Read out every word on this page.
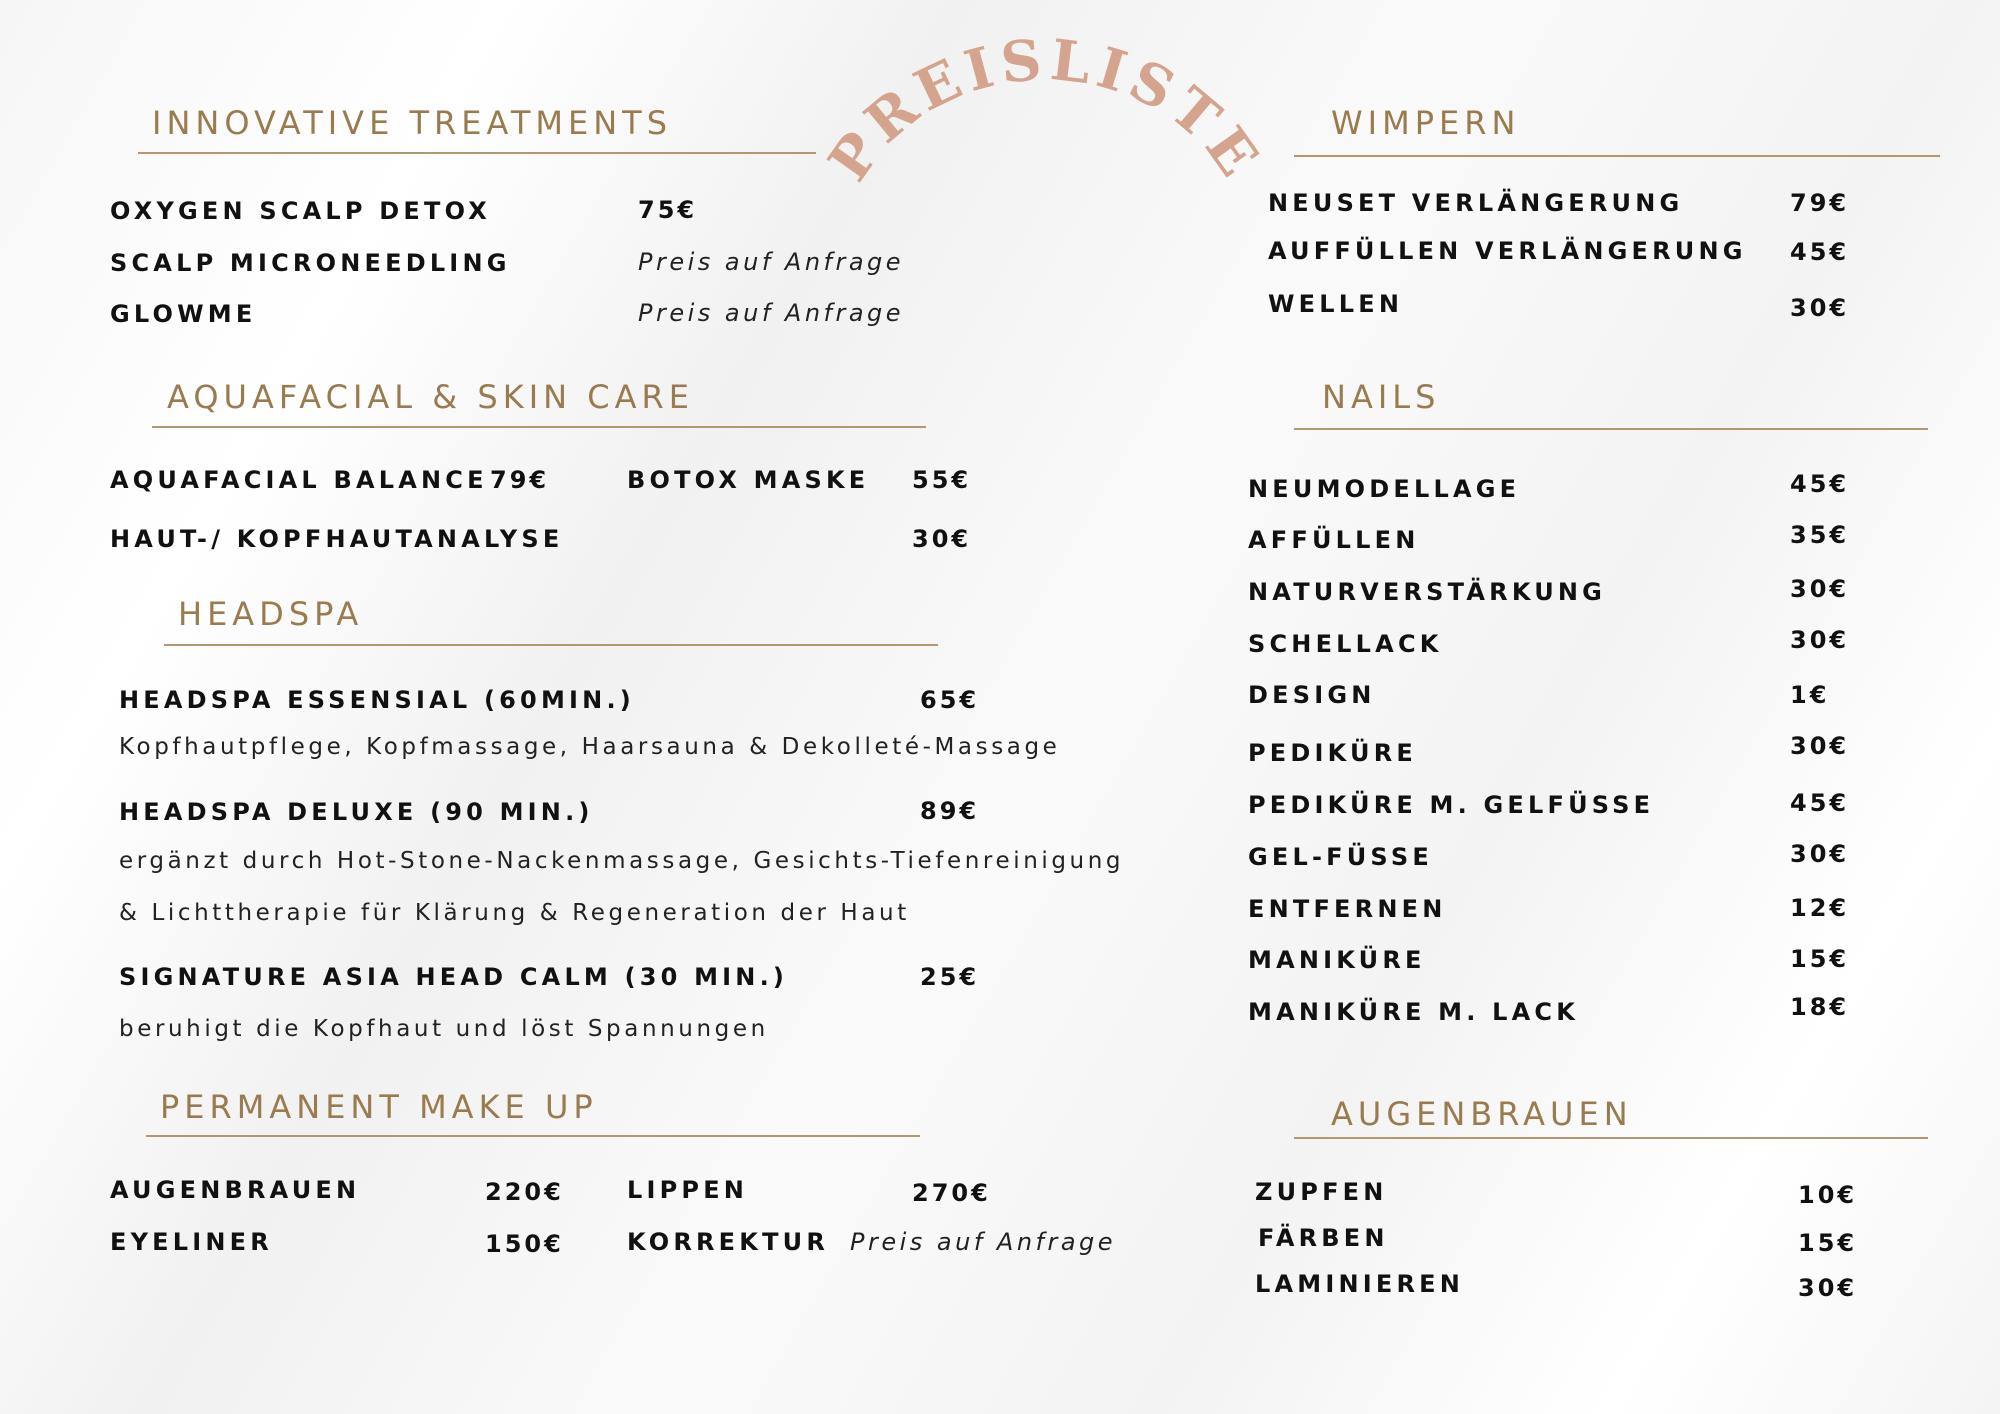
PREISLISTE
INNOVATIVE TREATMENTS
OXYGEN SCALP DETOX	75€
SCALP MICRONEEDLING	Preis auf Anfrage
GLOWME	Preis auf Anfrage
AQUAFACIAL & SKIN CARE
AQUAFACIAL BALANCE 79€	BOTOX MASKE 55€
HAUT-/ KOPFHAUTANALYSE	30€
HEADSPA
HEADSPA ESSENSIAL (60MIN.)	65€
Kopfhautpflege, Kopfmassage, Haarsauna & Dekolleté-Massage
HEADSPA DELUXE (90 MIN.)	89€
ergänzt durch Hot-Stone-Nackenmassage, Gesichts-Tiefenreinigung
& Lichttherapie für Klärung & Regeneration der Haut
SIGNATURE ASIA HEAD CALM (30 MIN.)	25€
beruhigt die Kopfhaut und löst Spannungen
PERMANENT MAKE UP
AUGENBRAUEN	220€
EYELINER	150€
LIPPEN	270€
KORREKTUR Preis auf Anfrage
WIMPERN
NEUSET VERLÄNGERUNG	79€
AUFFÜLLEN VERLÄNGERUNG 45€
WELLEN	30€
NAILS
NEUMODELLAGE	45€
AFFÜLLEN	35€
NATURVERSTÄRKUNG	30€
SCHELLACK	30€
DESIGN	1€
PEDIKÜRE	30€
PEDIKÜRE M. GELFÜSSE	45€
GEL-FÜSSE	30€
ENTFERNEN	12€
MANIKÜRE	15€
MANIKÜRE M. LACK	18€
AUGENBRAUEN
ZUPFEN	10€
FÄRBEN	15€
LAMINIEREN	30€
